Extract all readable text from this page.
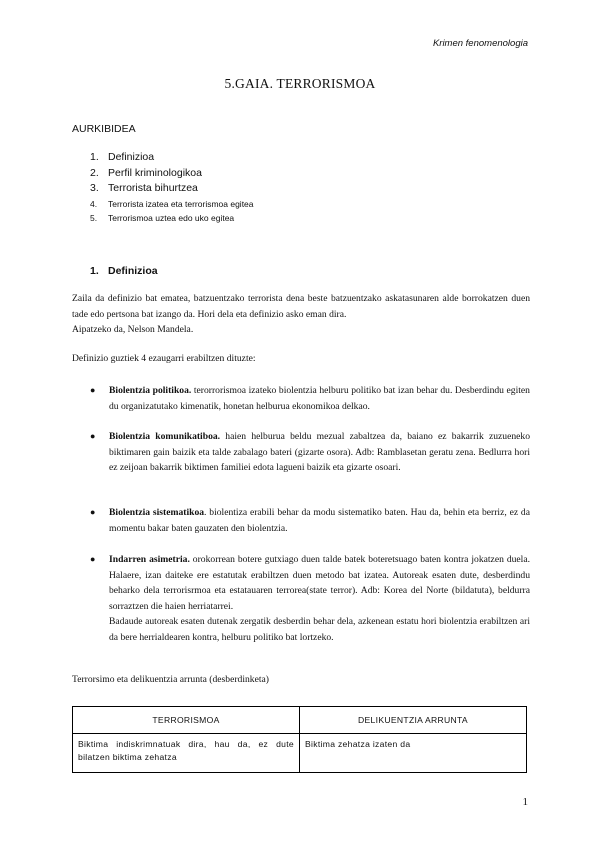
Krimen fenomenologia
5.GAIA. TERRORISMOA
AURKIBIDEA
1. Definizioa
2. Perfil kriminologikoa
3. Terrorista bihurtzea
4. Terrorista izatea eta terrorismoa egitea
5. Terrorismoa uztea edo uko egitea
1. Definizioa
Zaila da definizio bat ematea, batzuentzako terrorista dena beste batzuentzako askatasunaren alde borrokatzen duen tade edo pertsona bat izango da. Hori dela eta definizio asko eman dira.
Aipatzeko da, Nelson Mandela.
Definizio guztiek 4 ezaugarri erabiltzen dituzte:
● Biolentzia politikoa. terorrorismoa izateko biolentzia helburu politiko bat izan behar du. Desberdindu egiten du organizatutako kimenatik, honetan helburua ekonomikoa delkao.
● Biolentzia komunikatiboa. haien helburua beldu mezual zabaltzea da, baiano ez bakarrik zuzueneko biktimaren gain baizik eta talde zabalago bateri (gizarte osora). Adb: Ramblasetan geratu zena. Bedlurra hori ez zeijoan bakarrik biktimen familiei edota lagueni baizik eta gizarte osoari.
● Biolentzia sistematikoa. biolentiza erabili behar da modu sistematiko baten. Hau da, behin eta berriz, ez da momentu bakar baten gauzaten den biolentzia.
● Indarren asimetria. orokorrean botere gutxiago duen talde batek boteretsuago baten kontra jokatzen duela. Halaere, izan daiteke ere estatutak erabiltzen duen metodo bat izatea. Autoreak esaten dute, desberdindu beharko dela terrorisrmoa eta estatauaren terrorea(state terror). Adb: Korea del Norte (bildatuta), beldurra sorraztzen die haien herriatarrei.
Badaude autoreak esaten dutenak zergatik desberdin behar dela, azkenean estatu hori biolentzia erabiltzen ari da bere herrialdearen kontra, helburu politiko bat lortzeko.
Terrorsimo eta delikuentzia arrunta (desberdinketa)
TERRORISMOA	DELIKUENTZIA ARRUNTA
Biktima indiskrimnatuak dira, hau da, ez dute bilatzen biktima zehatza	Biktima zehatza izaten da
1
